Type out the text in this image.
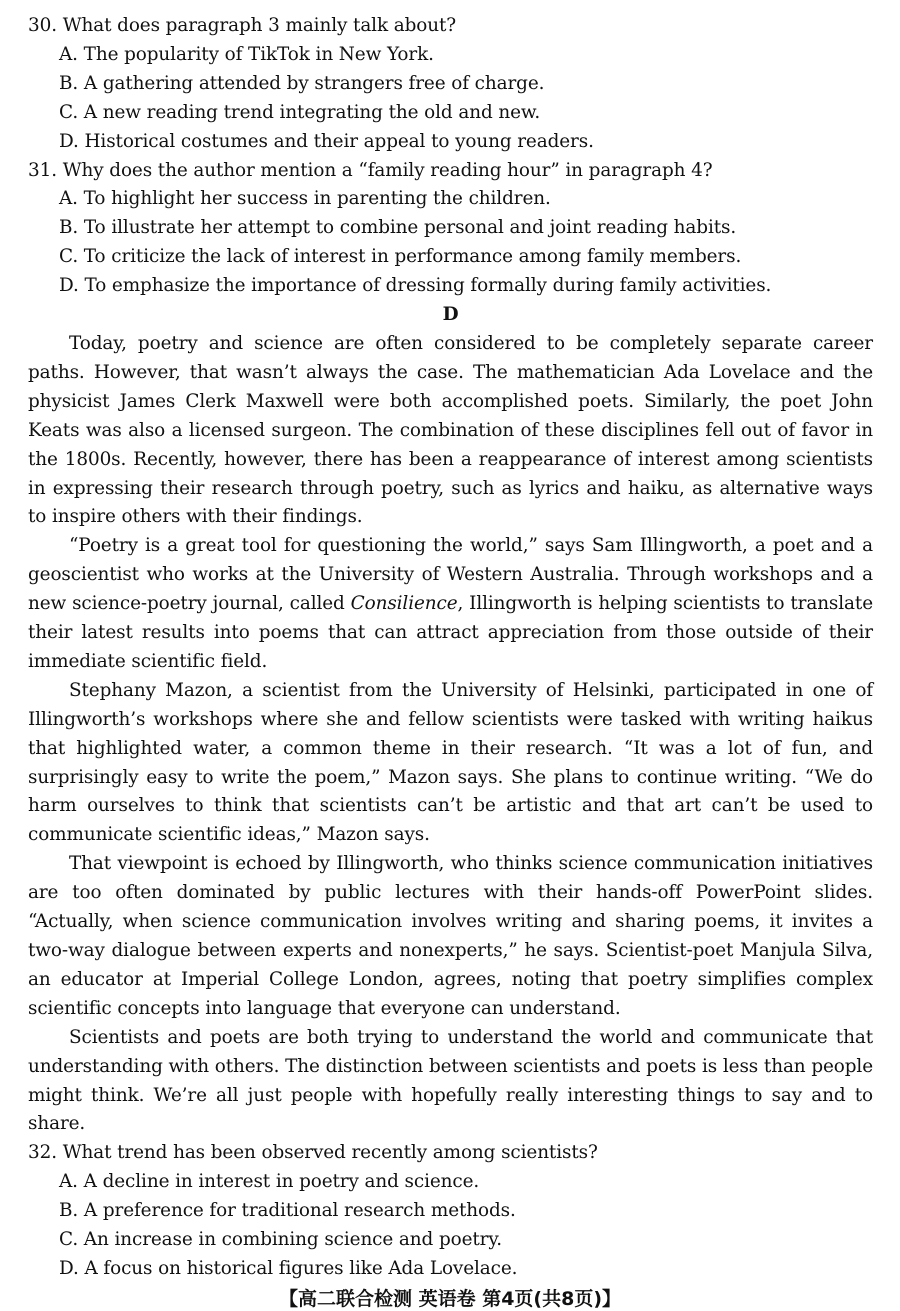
30. What does paragraph 3 mainly talk about?

A. The popularity of TikTok in New York.

B. A gathering attended by strangers free of charge.

C. A new reading trend integrating the old and new.

D. Historical costumes and their appeal to young readers.

31. Why does the author mention a “family reading hour” in paragraph 4?

A. To highlight her success in parenting the children.

B. To illustrate her attempt to combine personal and joint reading habits.

C. To criticize the lack of interest in performance among family members.

D. To emphasize the importance of dressing formally during family activities.

D

Today, poetry and science are often considered to be completely separate career paths. However, that wasn’t always the case. The mathematician Ada Lovelace and the physicist James Clerk Maxwell were both accomplished poets. Similarly, the poet John Keats was also a licensed surgeon. The combination of these disciplines fell out of favor in the 1800s. Recently, however, there has been a reappearance of interest among scientists in expressing their research through poetry, such as lyrics and haiku, as alternative ways to inspire others with their findings.

“Poetry is a great tool for questioning the world,” says Sam Illingworth, a poet and a geoscientist who works at the University of Western Australia. Through workshops and a new science-poetry journal, called Consilience, Illingworth is helping scientists to translate their latest results into poems that can attract appreciation from those outside of their immediate scientific field.

Stephany Mazon, a scientist from the University of Helsinki, participated in one of Illingworth’s workshops where she and fellow scientists were tasked with writing haikus that highlighted water, a common theme in their research. “It was a lot of fun, and surprisingly easy to write the poem,” Mazon says. She plans to continue writing. “We do harm ourselves to think that scientists can’t be artistic and that art can’t be used to communicate scientific ideas,” Mazon says.

That viewpoint is echoed by Illingworth, who thinks science communication initiatives are too often dominated by public lectures with their hands-off PowerPoint slides. “Actually, when science communication involves writing and sharing poems, it invites a two-way dialogue between experts and nonexperts,” he says. Scientist-poet Manjula Silva, an educator at Imperial College London, agrees, noting that poetry simplifies complex scientific concepts into language that everyone can understand.

Scientists and poets are both trying to understand the world and communicate that understanding with others. The distinction between scientists and poets is less than people might think. We’re all just people with hopefully really interesting things to say and to share.

32. What trend has been observed recently among scientists?

A. A decline in interest in poetry and science.

B. A preference for traditional research methods.

C. An increase in combining science and poetry.

D. A focus on historical figures like Ada Lovelace.

【高二联合检测 英语卷 第4页(共8页)】
